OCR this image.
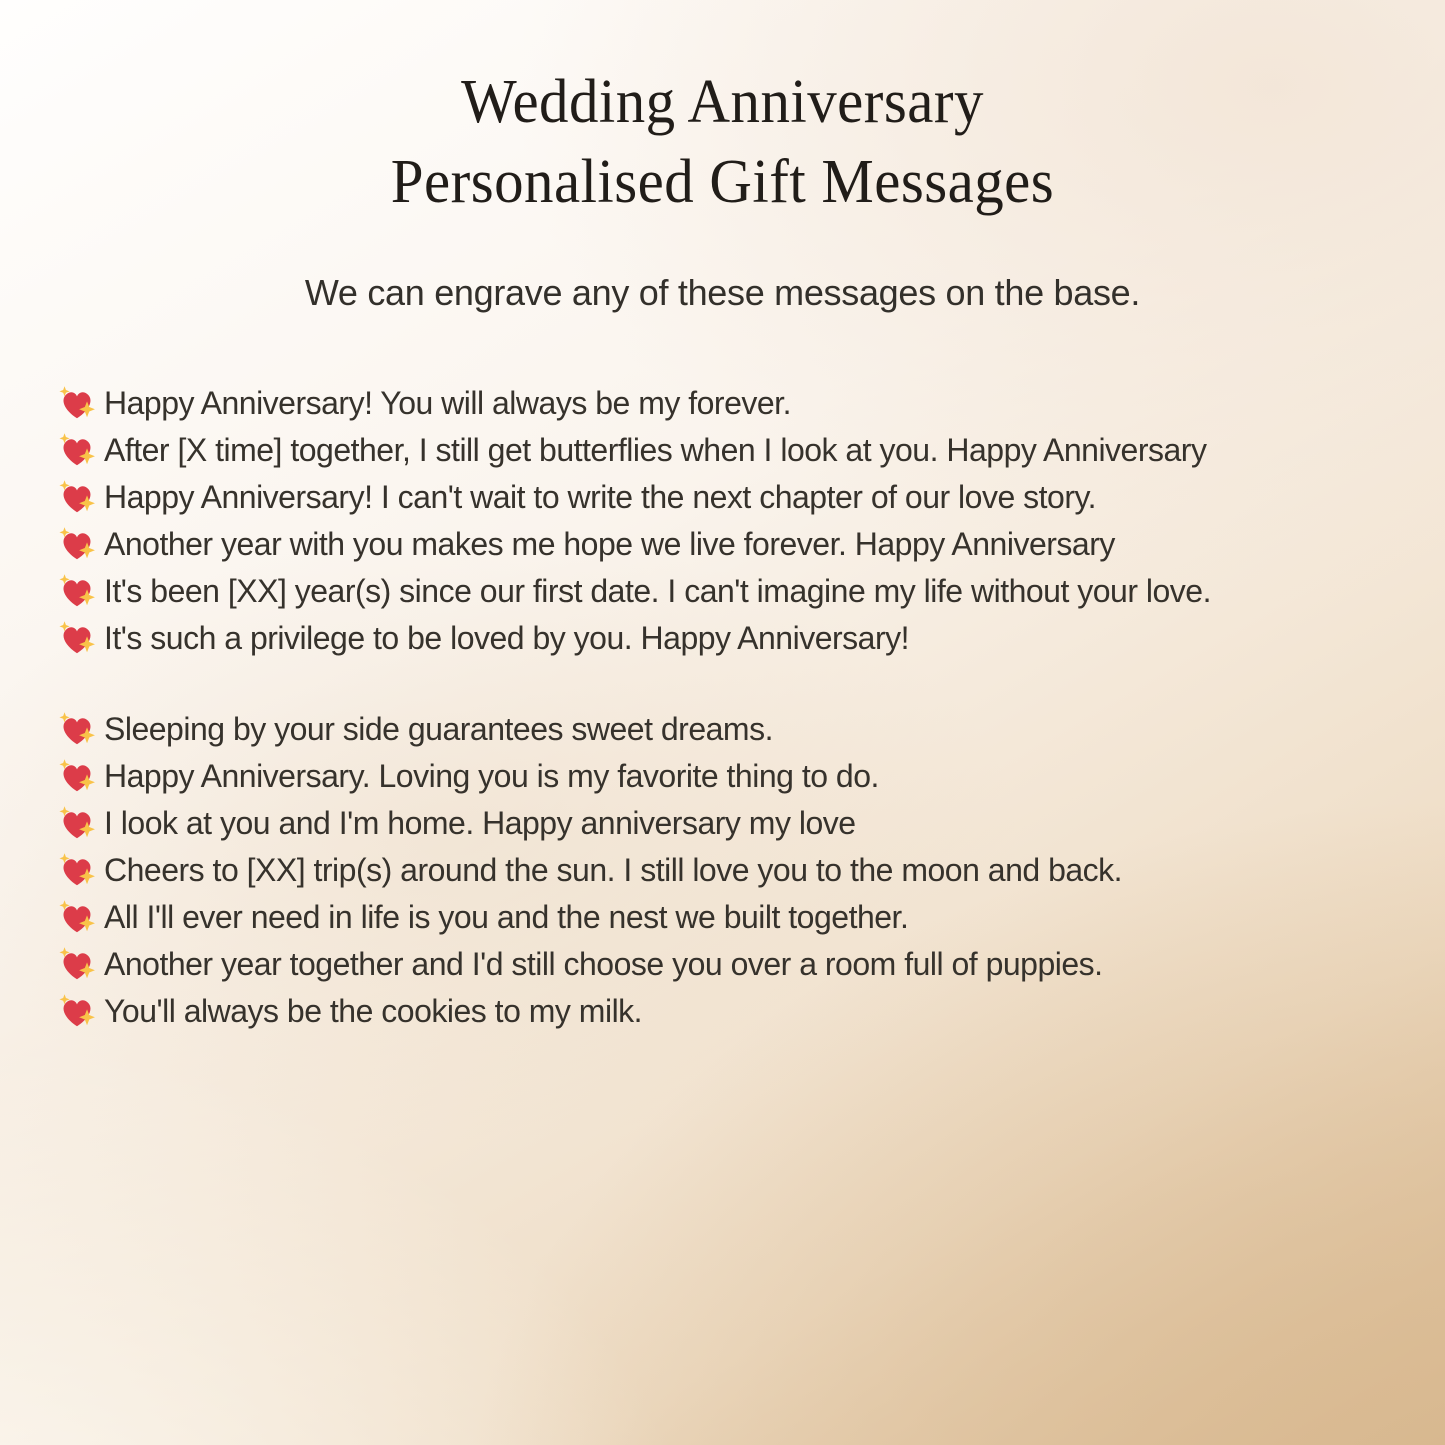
Wedding Anniversary
Personalised Gift Messages

We can engrave any of these messages on the base.

Happy Anniversary! You will always be my forever.
After [X time] together, I still get butterflies when I look at you. Happy Anniversary
Happy Anniversary! I can't wait to write the next chapter of our love story.
Another year with you makes me hope we live forever. Happy Anniversary
It's been [XX] year(s) since our first date. I can't imagine my life without your love.
It's such a privilege to be loved by you. Happy Anniversary!
Sleeping by your side guarantees sweet dreams.
Happy Anniversary. Loving you is my favorite thing to do.
I look at you and I'm home. Happy anniversary my love
Cheers to [XX] trip(s) around the sun. I still love you to the moon and back.
All I'll ever need in life is you and the nest we built together.
Another year together and I'd still choose you over a room full of puppies.
You'll always be the cookies to my milk.
